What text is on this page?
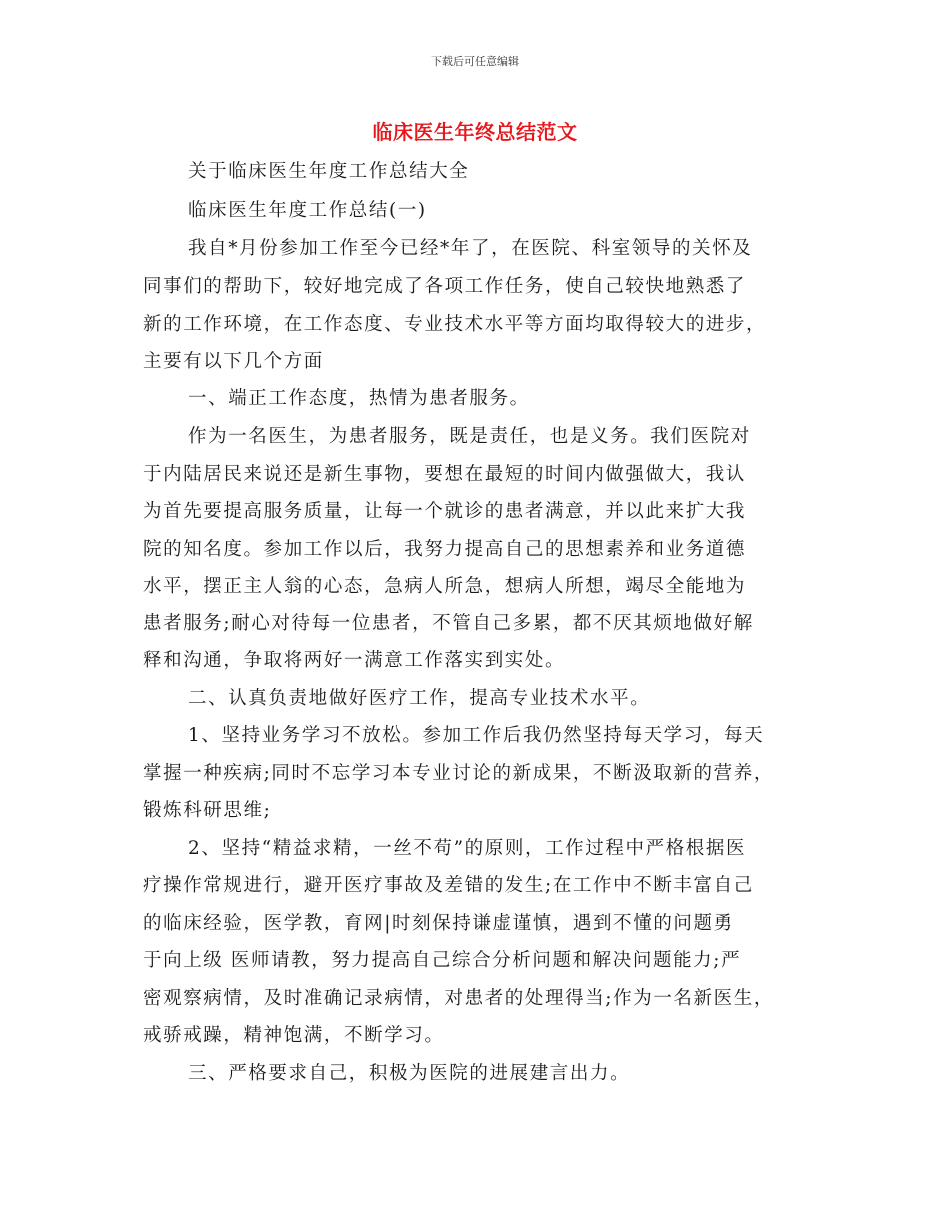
下载后可任意编辑
临床医生年终总结范文
关于临床医生年度工作总结大全
临床医生年度工作总结(一)
我自*月份参加工作至今已经*年了，在医院、科室领导的关怀及
同事们的帮助下，较好地完成了各项工作任务，使自己较快地熟悉了
新的工作环境，在工作态度、专业技术水平等方面均取得较大的进步，
主要有以下几个方面
一、端正工作态度，热情为患者服务。
作为一名医生，为患者服务，既是责任，也是义务。我们医院对
于内陆居民来说还是新生事物，要想在最短的时间内做强做大，我认
为首先要提高服务质量，让每一个就诊的患者满意，并以此来扩大我
院的知名度。参加工作以后，我努力提高自己的思想素养和业务道德
水平，摆正主人翁的心态，急病人所急，想病人所想，竭尽全能地为
患者服务;耐心对待每一位患者，不管自己多累，都不厌其烦地做好解
释和沟通，争取将两好一满意工作落实到实处。
二、认真负责地做好医疗工作，提高专业技术水平。
1、坚持业务学习不放松。参加工作后我仍然坚持每天学习，每天
掌握一种疾病;同时不忘学习本专业讨论的新成果，不断汲取新的营养，
锻炼科研思维;
2、坚持“精益求精，一丝不苟”的原则，工作过程中严格根据医
疗操作常规进行，避开医疗事故及差错的发生;在工作中不断丰富自己
的临床经验，医学教，育网|时刻保持谦虚谨慎，遇到不懂的问题勇
于向上级 医师请教，努力提高自己综合分析问题和解决问题能力;严
密观察病情，及时准确记录病情，对患者的处理得当;作为一名新医生，
戒骄戒躁，精神饱满，不断学习。
三、严格要求自己，积极为医院的进展建言出力。
